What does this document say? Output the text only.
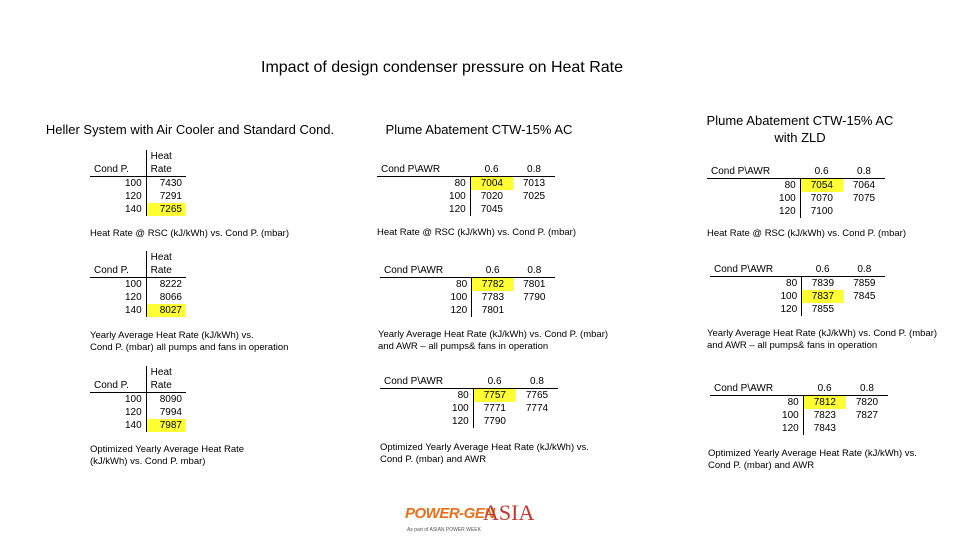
Impact of design condenser pressure on Heat Rate
Heller System with Air Cooler and Standard Cond.	Plume Abatement CTW-15% AC
Plume Abatement CTW-15% AC
with ZLD
Cond P.	Heat
Rate

100	7430
120	7291
140	7265
Heat Rate @ RSC (kJ/kWh) vs. Cond P. (mbar)
Cond P.	Heat
Rate

100	8222
120	8066
140	8027
Yearly Average Heat Rate (kJ/kWh) vs.
Cond P. (mbar) all pumps and fans in operation
Cond P.	Heat
Rate

100	8090
120	7994
140	7987
Optimized Yearly Average Heat Rate
(kJ/kWh) vs. Cond P. mbar)
Cond P\AWR	0.6	0.8
80	7004	7013
100	7020	7025
120	7045	
Heat Rate @ RSC (kJ/kWh) vs. Cond P. (mbar)
Cond P\AWR	0.6	0.8
80	7782	7801
100	7783	7790
120	7801	
Yearly Average Heat Rate (kJ/kWh) vs. Cond P. (mbar)
and AWR – all pumps& fans in operation
Cond P\AWR	0.6	0.8
80	7757	7765
100	7771	7774
120	7790	
Optimized Yearly Average Heat Rate (kJ/kWh) vs.
Cond P. (mbar) and AWR
Cond P\AWR	0.6	0.8
80	7054	7064
100	7070	7075
120	7100	
Heat Rate @ RSC (kJ/kWh) vs. Cond P. (mbar)
Cond P\AWR	0.6	0.8
80	7839	7859
100	7837	7845
120	7855	
Yearly Average Heat Rate (kJ/kWh) vs. Cond P. (mbar)
and AWR – all pumps& fans in operation
Cond P\AWR	0.6	0.8
80	7812	7820
100	7823	7827
120	7843	
Optimized Yearly Average Heat Rate (kJ/kWh) vs.
Cond P. (mbar) and AWR
POWER-GEN
ASIA
As part of ASIAN POWER WEEK
